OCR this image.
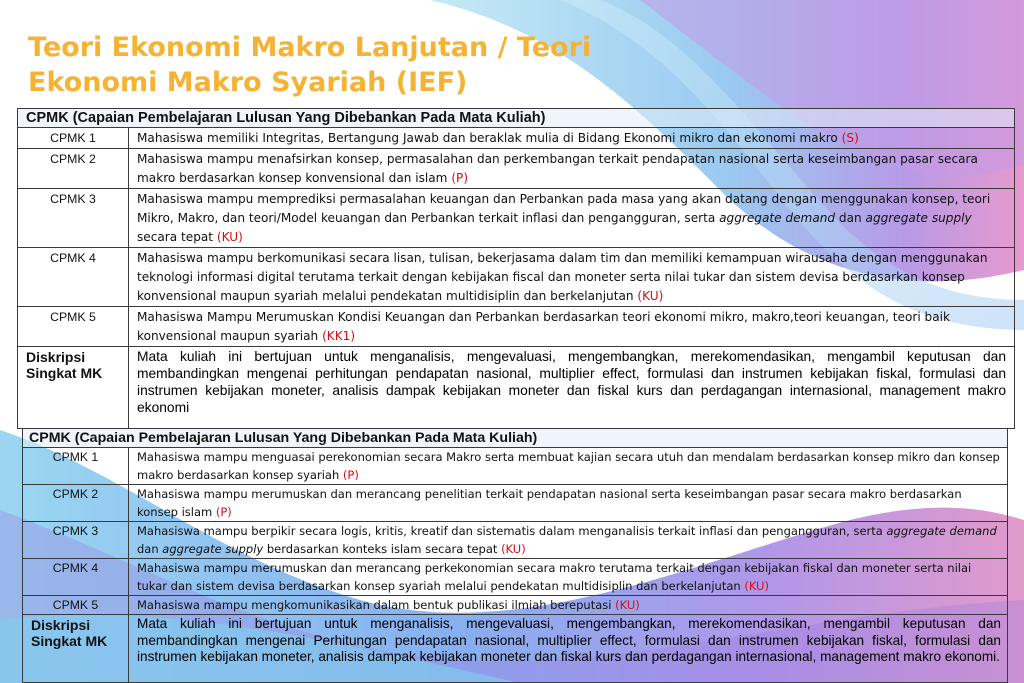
Teori Ekonomi Makro Lanjutan / Teori Ekonomi Makro Syariah (IEF)
CPMK (Capaian Pembelajaran Lulusan Yang Dibebankan Pada Mata Kuliah)	
CPMK 1	Mahasiswa memiliki Integritas, Bertangung Jawab dan beraklak mulia di Bidang Ekonomi mikro dan ekonomi makro (S)
CPMK 2	Mahasiswa mampu menafsirkan konsep, permasalahan dan perkembangan terkait pendapatan nasional serta keseimbangan pasar secara makro berdasarkan konsep konvensional dan islam (P)
CPMK 3	Mahasiswa mampu memprediksi permasalahan keuangan dan Perbankan pada masa yang akan datang dengan menggunakan konsep, teori Mikro, Makro, dan teori/Model keuangan dan Perbankan terkait inflasi dan pengangguran, serta aggregate demand dan aggregate supply secara tepat (KU)
CPMK 4	Mahasiswa mampu berkomunikasi secara lisan, tulisan, bekerjasama dalam tim dan memiliki kemampuan wirausaha dengan menggunakan teknologi informasi digital terutama terkait dengan kebijakan fiscal dan moneter serta nilai tukar dan sistem devisa berdasarkan konsep konvensional maupun syariah melalui pendekatan multidisiplin dan berkelanjutan (KU)
CPMK 5	Mahasiswa Mampu Merumuskan Kondisi Keuangan dan Perbankan berdasarkan teori ekonomi mikro, makro,teori keuangan, teori baik konvensional maupun syariah (KK1)
Diskripsi Singkat MK	Mata kuliah ini bertujuan untuk menganalisis, mengevaluasi, mengembangkan, merekomendasikan, mengambil keputusan dan membandingkan mengenai perhitungan pendapatan nasional, multiplier effect, formulasi dan instrumen kebijakan fiskal, formulasi dan instrumen kebijakan moneter, analisis dampak kebijakan moneter dan fiskal kurs dan perdagangan internasional, management makro ekonomi
CPMK (Capaian Pembelajaran Lulusan Yang Dibebankan Pada Mata Kuliah)	
CPMK 1	Mahasiswa mampu menguasai perekonomian secara Makro serta membuat kajian secara utuh dan mendalam berdasarkan konsep mikro dan konsep makro berdasarkan konsep syariah (P)
CPMK 2	Mahasiswa mampu merumuskan dan merancang penelitian terkait pendapatan nasional serta keseimbangan pasar secara makro berdasarkan konsep islam (P)
CPMK 3	Mahasiswa mampu berpikir secara logis, kritis, kreatif dan sistematis dalam menganalisis terkait inflasi dan pengangguran, serta aggregate demand dan aggregate supply berdasarkan konteks islam secara tepat (KU)
CPMK 4	Mahasiswa mampu merumuskan dan merancang perkekonomian secara makro terutama terkait dengan kebijakan fiskal dan moneter serta nilai tukar dan sistem devisa berdasarkan konsep syariah melalui pendekatan multidisiplin dan berkelanjutan (KU)
CPMK 5	Mahasiswa mampu mengkomunikasikan dalam bentuk publikasi ilmiah bereputasi (KU)
Diskripsi Singkat MK	Mata kuliah ini bertujuan untuk menganalisis, mengevaluasi, mengembangkan, merekomendasikan, mengambil keputusan dan membandingkan mengenai Perhitungan pendapatan nasional, multiplier effect, formulasi dan instrumen kebijakan fiskal, formulasi dan instrumen kebijakan moneter, analisis dampak kebijakan moneter dan fiskal kurs dan perdagangan internasional, management makro ekonomi.
